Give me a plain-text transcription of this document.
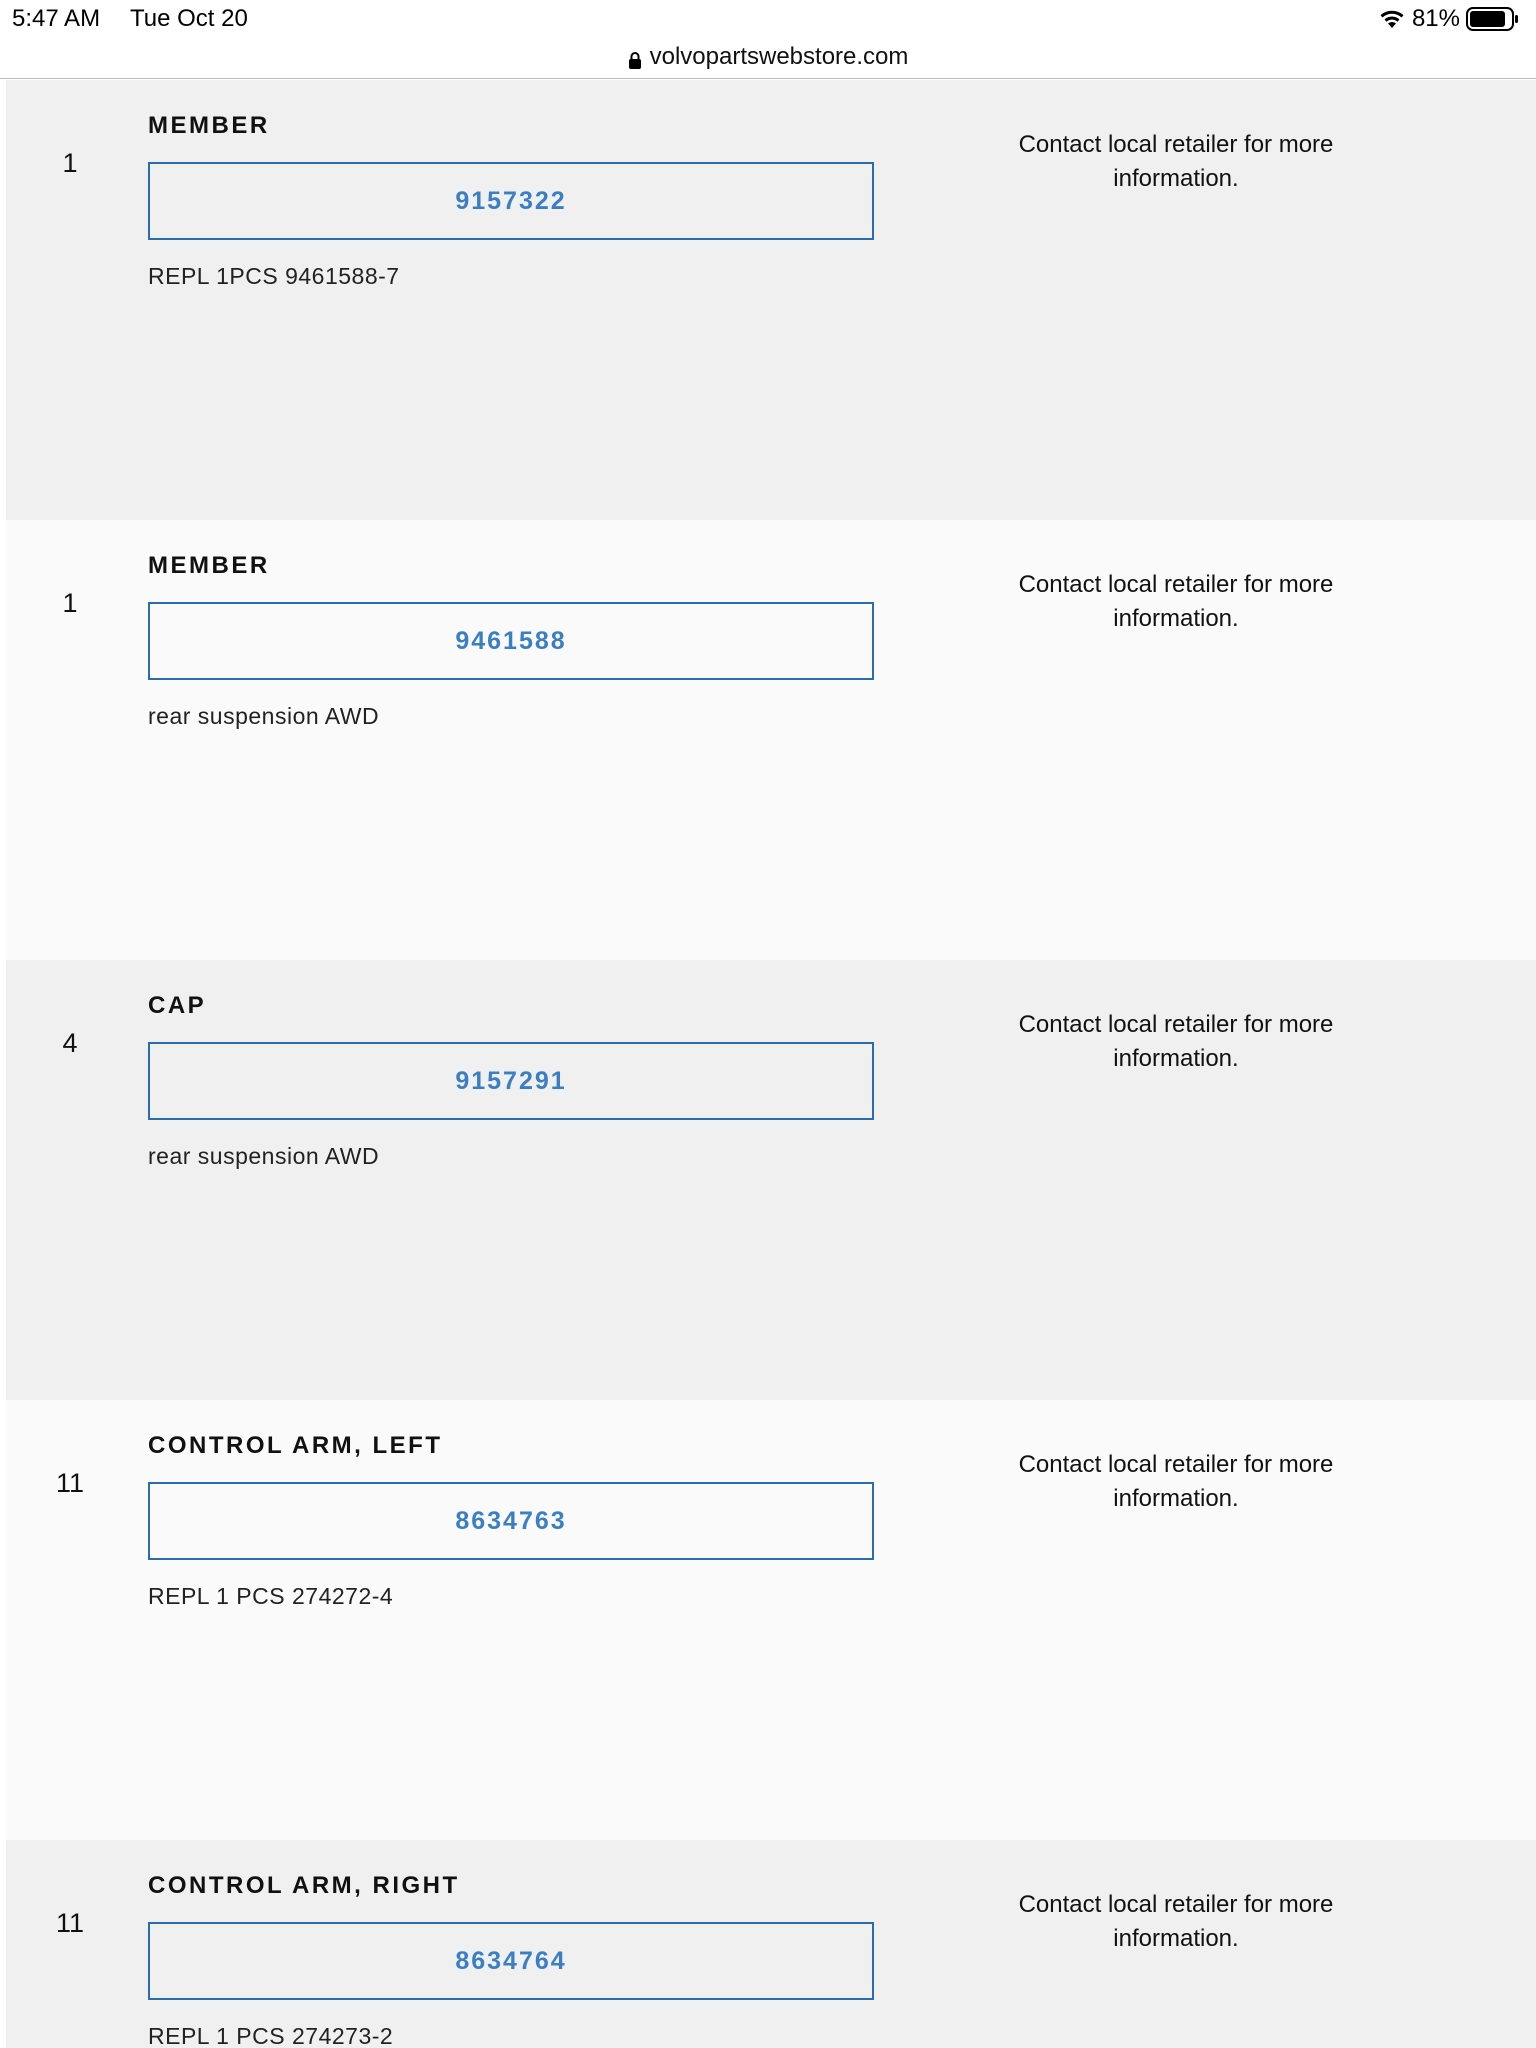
5:47 AM Tue Oct 20	81%
volvopartswebstore.com
1
MEMBER
9157322
REPL 1PCS 9461588-7
Contact local retailer for more information.
1
MEMBER
9461588
rear suspension AWD
Contact local retailer for more information.
4
CAP
9157291
rear suspension AWD
Contact local retailer for more information.
11
CONTROL ARM, LEFT
8634763
REPL 1 PCS 274272-4
Contact local retailer for more information.
11
CONTROL ARM, RIGHT
8634764
REPL 1 PCS 274273-2
Contact local retailer for more information.
